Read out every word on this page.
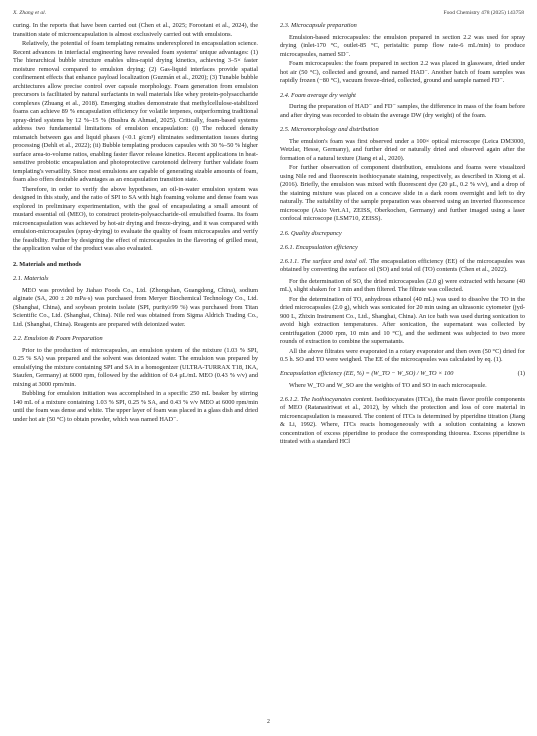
X. Zhang et al.	Food Chemistry 478 (2025) 143758

curing. In the reports that have been carried out (Chen et al., 2025; Forootani et al., 2024), the transition state of microencapsulation is almost exclusively carried out with emulsions.

Relatively, the potential of foam templating remains underexplored in encapsulation science. Recent advances in interfacial engineering have revealed foam systems' unique advantages: (1) The hierarchical bubble structure enables ultra-rapid drying kinetics, achieving 3–5× faster moisture removal compared to emulsion drying; (2) Gas-liquid interfaces provide spatial confinement effects that enhance payload localization (Guzmán et al., 2020); (3) Tunable bubble architectures allow precise control over capsule morphology. Foam generation from emulsion precursors is facilitated by natural surfactants in wall materials like whey protein-polysaccharide complexes (Zhuang et al., 2018). Emerging studies demonstrate that methylcellulose-stabilized foams can achieve 89 % encapsulation efficiency for volatile terpenes, outperforming traditional spray-dried systems by 12 %–15 % (Bushra & Ahmad, 2025). Critically, foam-based systems address two fundamental limitations of emulsion encapsulation: (i) The reduced density mismatch between gas and liquid phases (<0.1 g/cm³) eliminates sedimentation issues during processing (Dehli et al., 2022); (ii) Bubble templating produces capsules with 30 %–50 % higher surface area-to-volume ratios, enabling faster flavor release kinetics. Recent applications in heat-sensitive probiotic encapsulation and photoprotective carotenoid delivery further validate foam templating's versatility. Since most emulsions are capable of generating sizable amounts of foam, foam also offers desirable advantages as an encapsulation transition state.

Therefore, in order to verify the above hypotheses, an oil-in-water emulsion system was designed in this study, and the ratio of SPI to SA with high foaming volume and dense foam was explored in preliminary experimentation, with the goal of encapsulating a small amount of mustard essential oil (MEO), to construct protein-polysaccharide-oil emulsified foams. Its foam microencapsulation was achieved by hot-air drying and freeze-drying, and it was compared with emulsion-microcapsules (spray-drying) to evaluate the quality of foam microcapsules and verify the feasibility. Further by designing the effect of microcapsules in the flavoring of grilled meat, the application value of the product was also evaluated.

2. Materials and methods
2.1. Materials

MEO was provided by Jiahao Foods Co., Ltd. (Zhongshan, Guangdong, China), sodium alginate (SA, 200 ± 20 mPa·s) was purchased from Meryer Biochemical Technology Co., Ltd. (Shanghai, China), and soybean protein isolate (SPI, purity≥99 %) was purchased from Titan Scientific Co., Ltd. (Shanghai, China). Nile red was obtained from Sigma Aldrich Trading Co., Ltd. (Shanghai, China). Reagents are prepared with deionized water.

2.2. Emulsion & Foam Preparation

Prior to the production of microcapsules, an emulsion system of the mixture (1.03 % SPI, 0.25 % SA) was prepared and the solvent was deionized water. The emulsion was prepared by emulsifying the mixture containing SPI and SA in a homogenizer (ULTRA-TURRAX T18, IKA, Staufen, Germany) at 6000 rpm, followed by the addition of 0.4 μL/mL MEO (0.43 % v/v) and mixing at 3000 rpm/min.

Bubbling for emulsion initiation was accomplished in a specific 250 mL beaker by stirring 140 mL of a mixture containing 1.03 % SPI, 0.25 % SA, and 0.43 % v/v MEO at 6000 rpm/min until the foam was dense and white. The upper layer of foam was placed in a glass dish and dried under hot air (50 °C) to obtain powder, which was named HAD⁻.

2.3. Microcapsule preparation

Emulsion-based microcapsules: the emulsion prepared in section 2.2 was used for spray drying (inlet-170 °C, outlet-85 °C, peristaltic pump flow rate-6 mL/min) to produce microcapsules, named SD⁻.

Foam microcapsules: the foam prepared in section 2.2 was placed in glassware, dried under hot air (50 °C), collected and ground, and named HAD⁻. Another batch of foam samples was rapidly frozen (−80 °C), vacuum freeze-dried, collected, ground and sample named FD⁻.

2.4. Foam average dry weight

During the preparation of HAD⁻ and FD⁻ samples, the difference in mass of the foam before and after drying was recorded to obtain the average DW (dry weight) of the foam.

2.5. Micromorphology and distribution

The emulsion's foam was first observed under a 100× optical microscope (Leica DM3000, Wetzlar, Hesse, Germany), and further dried or naturally dried and observed again after the formation of a natural texture (Jiang et al., 2020).

For further observation of component distribution, emulsions and foams were visualized using Nile red and fluorescein isothiocyanate staining, respectively, as described in Xiong et al. (2016). Briefly, the emulsion was mixed with fluorescent dye (20 μL, 0.2 % v/v), and a drop of the staining mixture was placed on a concave slide in a dark room overnight and left to dry naturally. The suitability of the sample preparation was observed using an inverted fluorescence microscope (Axio Vert.A1, ZEISS, Oberkochen, Germany) and further imaged using a laser confocal microscope (LSM710, ZEISS).

2.6. Quality discrepancy
2.6.1. Encapsulation efficiency
2.6.1.1. The surface and total oil. The encapsulation efficiency (EE) of the microcapsules was obtained by converting the surface oil (SO) and total oil (TO) contents (Chen et al., 2022).

For the determination of SO, the dried microcapsules (2.0 g) were extracted with hexane (40 mL), slight shaken for 1 min and then filtered. The filtrate was collected.

For the determination of TO, anhydrous ethanol (40 mL) was used to dissolve the TO in the dried microcapsules (2.0 g), which was sonicated for 20 min using an ultrasonic cytometer (jyd-900 L, Zhixin Instrument Co., Ltd., Shanghai, China). An ice bath was used during sonication to avoid high extraction temperatures. After sonication, the supernatant was collected by centrifugation (2000 rpm, 10 min and 10 °C), and the sediment was subjected to two more rounds of extraction to combine the supernatants.

All the above filtrates were evaporated in a rotary evaporator and then oven (50 °C) dried for 0.5 h. SO and TO were weighed. The EE of the microcapsules was calculated by eq. (1).

Encapsulation efficiency (EE, %) = (W_TO − W_SO) / W_TO × 100	(1)

Where W_TO and W_SO are the weights of TO and SO in each microcapsule.

2.6.1.2. The Isothiocyanates content. Isothiocyanates (ITCs), the main flavor profile components of MEO (Ratanasiriwat et al., 2012), by which the protection and loss of core material in microencapsulation is measured. The content of ITCs is determined by piperidine titration (Jiang & Li, 1992). Where, ITCs reacts homogeneously with a solution containing a known concentration of excess piperidine to produce the corresponding thiourea. Excess piperidine is titrated with a standard HCl
2
